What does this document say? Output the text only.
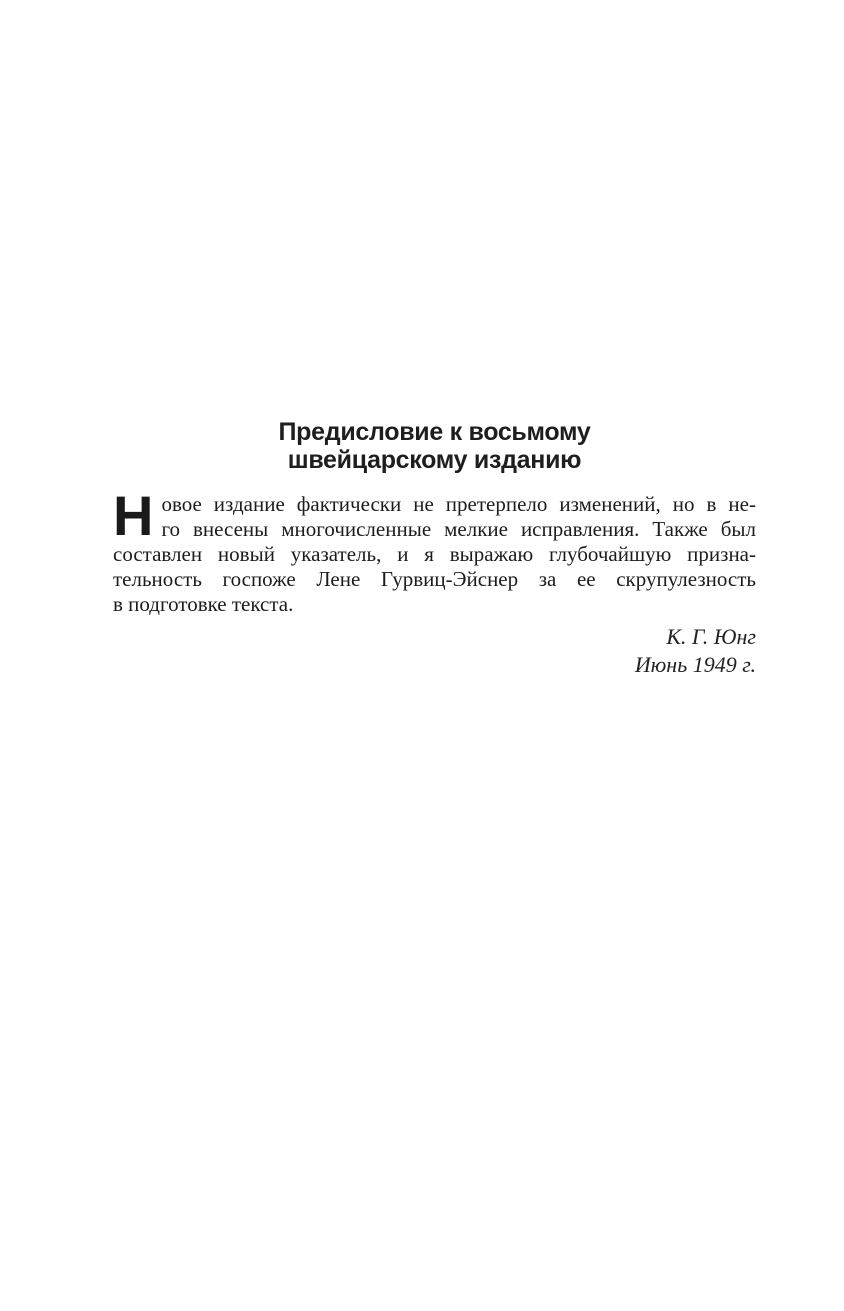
Предисловие к восьмому
швейцарскому изданию
Н овое издание фактически не претерпело изменений, но в не-
го внесены многочисленные мелкие исправления. Также был
составлен новый указатель, и я выражаю глубочайшую призна-
тельность госпоже Лене Гурвиц-Эйснер за ее скрупулезность
в подготовке текста.
К. Г. Юнг
Июнь 1949 г.
